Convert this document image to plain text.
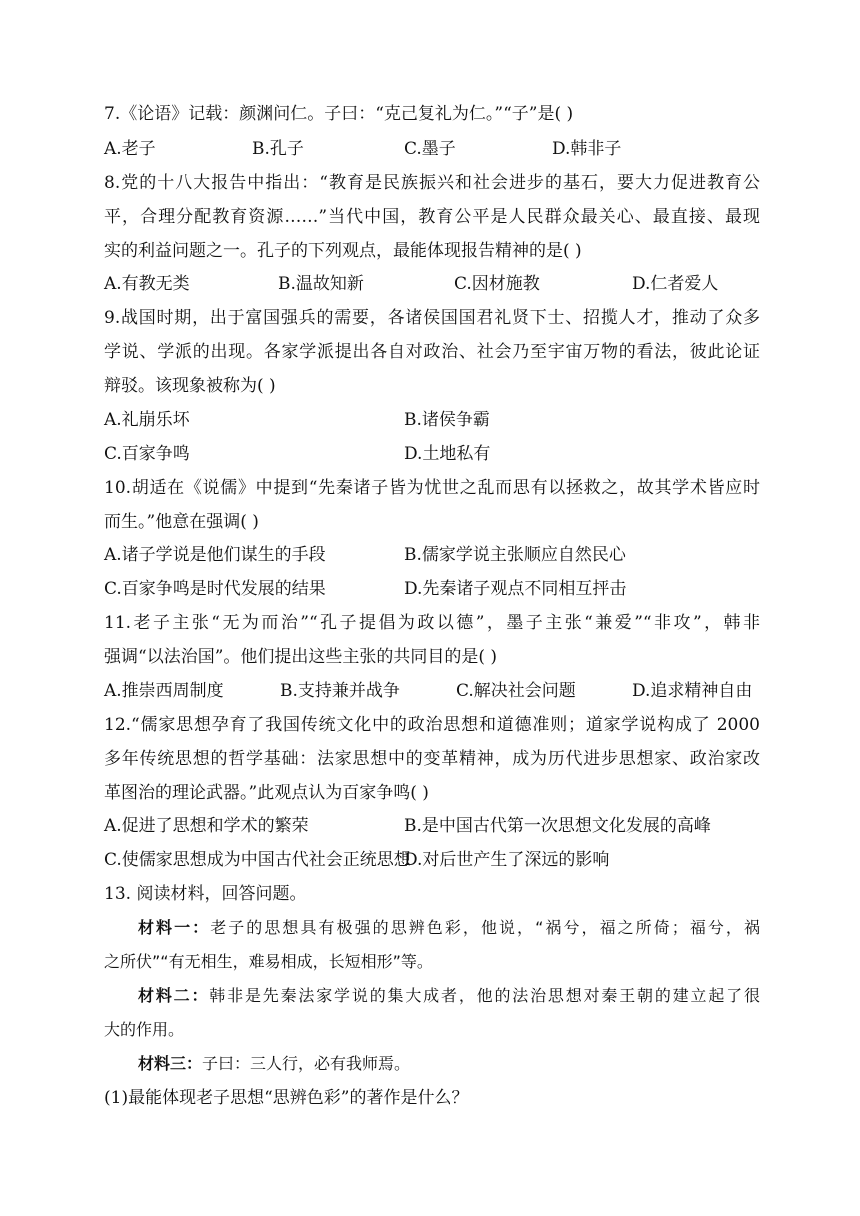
7.《论语》记载：颜渊问仁。子曰：“克己复礼为仁。”“子”是( )
A.老子	B.孔子	C.墨子	D.韩非子
8.党的十八大报告中指出：“教育是民族振兴和社会进步的基石，要大力促进教育公
平，合理分配教育资源……”当代中国，教育公平是人民群众最关心、最直接、最现
实的利益问题之一。孔子的下列观点，最能体现报告精神的是( )
A.有教无类	B.温故知新	C.因材施教	D.仁者爱人
9.战国时期，出于富国强兵的需要，各诸侯国国君礼贤下士、招揽人才，推动了众多
学说、学派的出现。各家学派提出各自对政治、社会乃至宇宙万物的看法，彼此论证
辩驳。该现象被称为( )
A.礼崩乐坏	B.诸侯争霸
C.百家争鸣	D.土地私有
10.胡适在《说儒》中提到“先秦诸子皆为忧世之乱而思有以拯救之，故其学术皆应时
而生。”他意在强调( )
A.诸子学说是他们谋生的手段	B.儒家学说主张顺应自然民心
C.百家争鸣是时代发展的结果	D.先秦诸子观点不同相互抨击
11.老子主张“无为而治”“孔子提倡为政以德”，墨子主张“兼爱”“非攻”，韩非
强调“以法治国”。他们提出这些主张的共同目的是( )
A.推崇西周制度	B.支持兼并战争	C.解决社会问题	D.追求精神自由
12.“儒家思想孕育了我国传统文化中的政治思想和道德准则；道家学说构成了 2000
多年传统思想的哲学基础：法家思想中的变革精神，成为历代进步思想家、政治家改
革图治的理论武器。”此观点认为百家争鸣( )
A.促进了思想和学术的繁荣	B.是中国古代第一次思想文化发展的高峰
C.使儒家思想成为中国古代社会正统思想
D.对后世产生了深远的影响
13. 阅读材料，回答问题。
材料一：老子的思想具有极强的思辨色彩，他说，“祸兮，福之所倚；福兮，祸
之所伏”“有无相生，难易相成，长短相形”等。
材料二：韩非是先秦法家学说的集大成者，他的法治思想对秦王朝的建立起了很
大的作用。
材料三：子曰：三人行，必有我师焉。
(1)最能体现老子思想“思辨色彩”的著作是什么？
